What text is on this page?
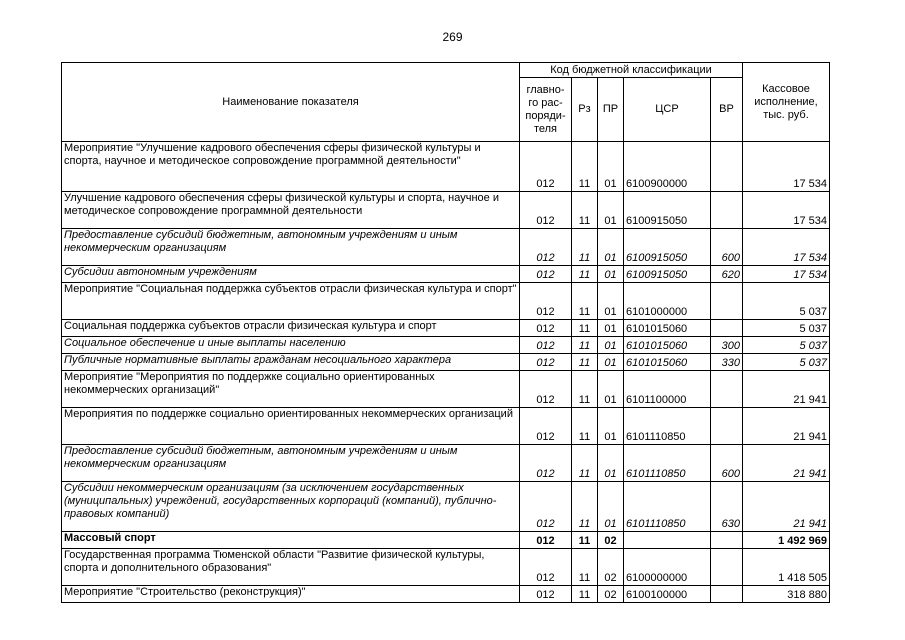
269
Наименование показателя	Код бюджетной классификации					Кассовое исполнение, тыс. руб.
	главно-
го рас-
поряди-
теля	Рз	ПР	ЦСР	ВР	
Мероприятие "Улучшение кадрового обеспечения сферы физической культуры и спорта, научное и методическое сопровождение программной деятельности"	012	11	01	6100900000		17 534
Улучшение кадрового обеспечения сферы физической культуры и спорта, научное и методическое сопровождение программной деятельности	012	11	01	6100915050		17 534
Предоставление субсидий бюджетным, автономным учреждениям и иным некоммерческим организациям	012	11	01	6100915050	600	17 534
Субсидии автономным учреждениям	012	11	01	6100915050	620	17 534
Мероприятие "Социальная поддержка субъектов отрасли физическая культура и спорт"	012	11	01	6101000000		5 037
Социальная поддержка субъектов отрасли физическая культура и спорт	012	11	01	6101015060		5 037
Социальное обеспечение и иные выплаты населению	012	11	01	6101015060	300	5 037
Публичные нормативные выплаты гражданам несоциального характера	012	11	01	6101015060	330	5 037
Мероприятие "Мероприятия по поддержке социально ориентированных некоммерческих организаций"	012	11	01	6101100000		21 941
Мероприятия по поддержке социально ориентированных некоммерческих организаций	012	11	01	6101110850		21 941
Предоставление субсидий бюджетным, автономным учреждениям и иным некоммерческим организациям	012	11	01	6101110850	600	21 941
Субсидии некоммерческим организациям (за исключением государственных (муниципальных) учреждений, государственных корпораций (компаний), публично-правовых компаний)	012	11	01	6101110850	630	21 941
Массовый спорт	012	11	02			1 492 969
Государственная программа Тюменской области "Развитие физической культуры, спорта и дополнительного образования"	012	11	02	6100000000		1 418 505
Мероприятие "Строительство (реконструкция)"	012	11	02	6100100000		318 880
